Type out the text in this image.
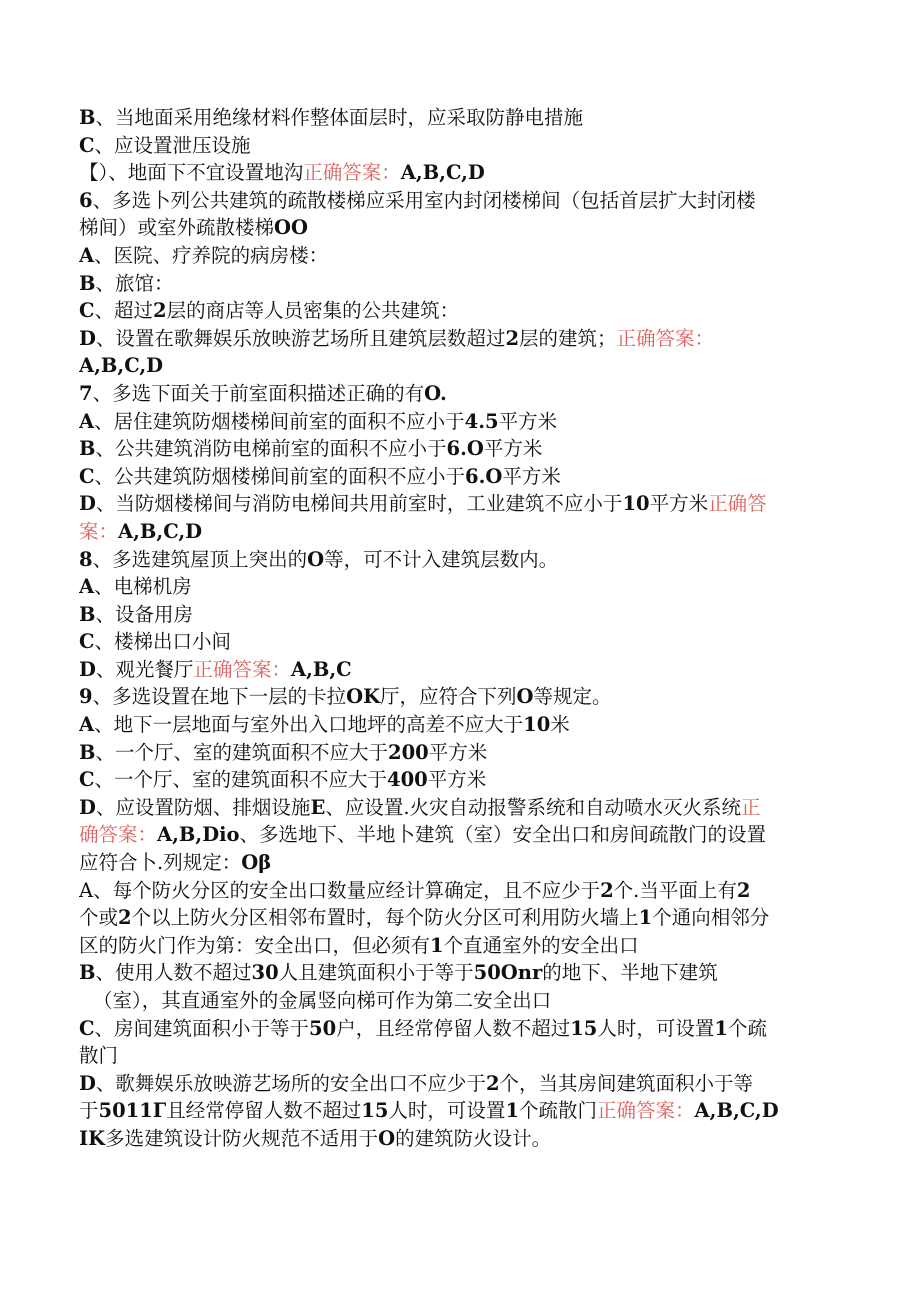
B、当地面采用绝缘材料作整体面层时，应采取防静电措施
C、应设置泄压设施
【）、地面下不宜设置地沟正确答案：A,B,C,D
6、多选卜列公共建筑的疏散楼梯应采用室内封闭楼梯间（包括首层扩大封闭楼
梯间）或室外疏散楼梯OO
A、医院、疗养院的病房楼：
B、旅馆：
C、超过2层的商店等人员密集的公共建筑：
D、设置在歌舞娱乐放映游艺场所且建筑层数超过2层的建筑；正确答案：
A,B,C,D
7、多选下面关于前室面积描述正确的有O.
A、居住建筑防烟楼梯间前室的面积不应小于4.5平方米
B、公共建筑消防电梯前室的面积不应小于6.O平方米
C、公共建筑防烟楼梯间前室的面积不应小于6.O平方米
D、当防烟楼梯间与消防电梯间共用前室时，工业建筑不应小于10平方米正确答
案：A,B,C,D
8、多选建筑屋顶上突出的O等，可不计入建筑层数内。
A、电梯机房
B、设备用房
C、楼梯出口小间
D、观光餐厅正确答案：A,B,C
9、多选设置在地下一层的卡拉OK厅，应符合下列O等规定。
A、地下一层地面与室外出入口地坪的高差不应大于10米
B、一个厅、室的建筑面积不应大于200平方米
C、一个厅、室的建筑面积不应大于400平方米
D、应设置防烟、排烟设施E、应设置.火灾自动报警系统和自动喷水灭火系统正
确答案：A,B,Dio、多选地下、半地卜建筑（室）安全出口和房间疏散门的设置
应符合卜.列规定：Oβ
A、每个防火分区的安全出口数量应经计算确定，且不应少于2个.当平面上有2
个或2个以上防火分区相邻布置时，每个防火分区可利用防火墙上1个通向相邻分
区的防火门作为第：安全出口，但必须有1个直通室外的安全出口
B、使用人数不超过30人且建筑面积小于等于50Onr的地下、半地下建筑
（室），其直通室外的金属竖向梯可作为第二安全出口
C、房间建筑面积小于等于50户，且经常停留人数不超过15人时，可设置1个疏
散门
D、歌舞娱乐放映游艺场所的安全出口不应少于2个，当其房间建筑面积小于等
于5011Г且经常停留人数不超过15人时，可设置1个疏散门正确答案：A,B,C,D
IK多选建筑设计防火规范不适用于O的建筑防火设计。
